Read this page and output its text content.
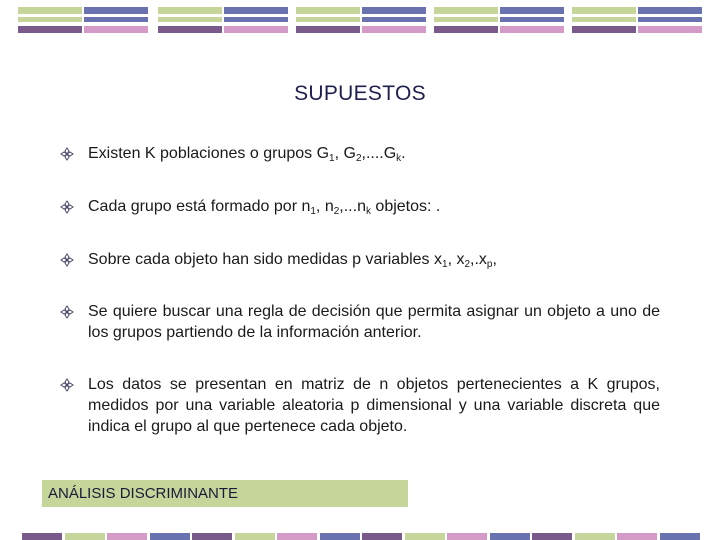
SUPUESTOS
Existen K poblaciones o grupos $G_1$, $G_2,....G_k$.
Cada grupo está formado por $n_1$, $n_2,...n_k$ objetos: .
Sobre cada objeto han sido medidas p variables $x_1$, $x_2,.x_p$,
Se quiere buscar una regla de decisión que permita asignar un objeto a uno de los grupos partiendo de la información anterior.
Los datos se presentan en matriz de n objetos pertenecientes a K grupos, medidos por una variable aleatoria p dimensional y una variable discreta que indica el grupo al que pertenece cada objeto.
ANÁLISIS DISCRIMINANTE
